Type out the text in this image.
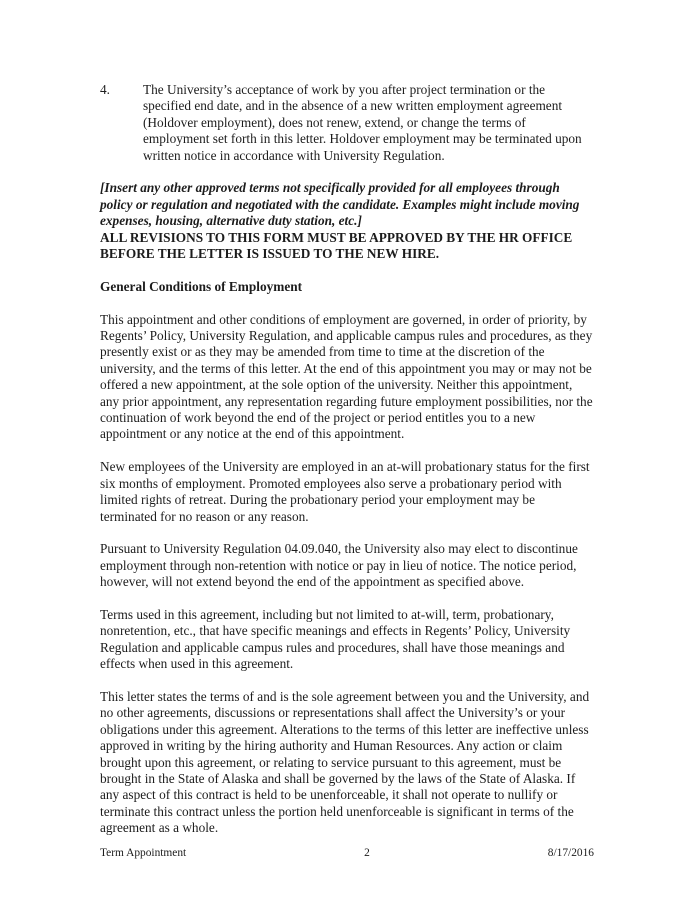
4.	The University’s acceptance of work by you after project termination or the specified end date, and in the absence of a new written employment agreement (Holdover employment), does not renew, extend, or change the terms of employment set forth in this letter. Holdover employment may be terminated upon written notice in accordance with University Regulation.
[Insert any other approved terms not specifically provided for all employees through policy or regulation and negotiated with the candidate. Examples might include moving expenses, housing, alternative duty station, etc.]
ALL REVISIONS TO THIS FORM MUST BE APPROVED BY THE HR OFFICE BEFORE THE LETTER IS ISSUED TO THE NEW HIRE.
General Conditions of Employment
This appointment and other conditions of employment are governed, in order of priority, by Regents’ Policy, University Regulation, and applicable campus rules and procedures, as they presently exist or as they may be amended from time to time at the discretion of the university, and the terms of this letter. At the end of this appointment you may or may not be offered a new appointment, at the sole option of the university. Neither this appointment, any prior appointment, any representation regarding future employment possibilities, nor the continuation of work beyond the end of the project or period entitles you to a new appointment or any notice at the end of this appointment.
New employees of the University are employed in an at-will probationary status for the first six months of employment. Promoted employees also serve a probationary period with limited rights of retreat. During the probationary period your employment may be terminated for no reason or any reason.
Pursuant to University Regulation 04.09.040, the University also may elect to discontinue employment through non-retention with notice or pay in lieu of notice. The notice period, however, will not extend beyond the end of the appointment as specified above.
Terms used in this agreement, including but not limited to at-will, term, probationary, nonretention, etc., that have specific meanings and effects in Regents’ Policy, University Regulation and applicable campus rules and procedures, shall have those meanings and effects when used in this agreement.
This letter states the terms of and is the sole agreement between you and the University, and no other agreements, discussions or representations shall affect the University’s or your obligations under this agreement. Alterations to the terms of this letter are ineffective unless approved in writing by the hiring authority and Human Resources. Any action or claim brought upon this agreement, or relating to service pursuant to this agreement, must be brought in the State of Alaska and shall be governed by the laws of the State of Alaska. If any aspect of this contract is held to be unenforceable, it shall not operate to nullify or terminate this contract unless the portion held unenforceable is significant in terms of the agreement as a whole.
Term Appointment	2	8/17/2016
